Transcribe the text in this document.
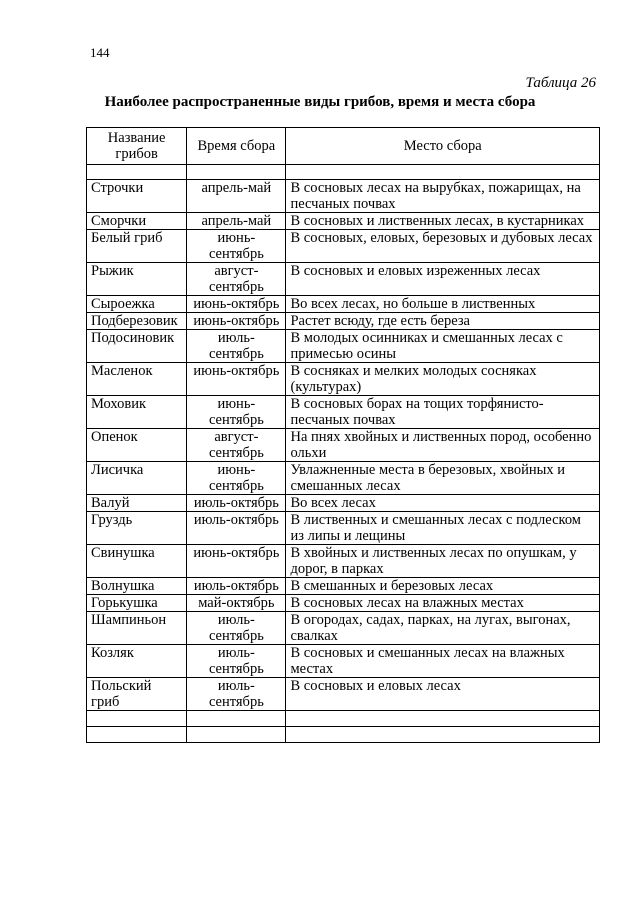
144
Таблица 26
Наиболее распространенные виды грибов, время и места сбора
Название грибов	Время сбора	Место сбора

Строчки	апрель-май	В сосновых лесах на вырубках, пожарищах, на песчаных почвах
Сморчки	апрель-май	В сосновых и лиственных лесах, в кустарниках
Белый гриб	июнь-сентябрь	В сосновых, еловых, березовых и дубовых лесах
Рыжик	август-сентябрь	В сосновых и еловых изреженных лесах
Сыроежка	июнь-октябрь	Во всех лесах, но больше в лиственных
Подберезовик	июнь-октябрь	Растет всюду, где есть береза
Подосиновик	июль-сентябрь	В молодых осинниках и смешанных лесах с примесью осины
Масленок	июнь-октябрь	В сосняках и мелких молодых сосняках (культурах)
Моховик	июнь-сентябрь	В сосновых борах на тощих торфянисто-песчаных почвах
Опенок	август-сентябрь	На пнях хвойных и лиственных пород, особенно ольхи
Лисичка	июнь-сентябрь	Увлажненные места в березовых, хвойных и смешанных лесах
Валуй	июль-октябрь	Во всех лесах
Груздь	июль-октябрь	В лиственных и смешанных лесах с подлеском из липы и лещины
Свинушка	июнь-октябрь	В хвойных и лиственных лесах по опушкам, у дорог, в парках
Волнушка	июль-октябрь	В смешанных и березовых лесах
Горькушка	май-октябрь	В сосновых лесах на влажных местах
Шампиньон	июль-сентябрь	В огородах, садах, парках, на лугах, выгонах, свалках
Козляк	июль-сентябрь	В сосновых и смешанных лесах на влажных местах
Польский гриб	июль-сентябрь	В сосновых и еловых лесах
